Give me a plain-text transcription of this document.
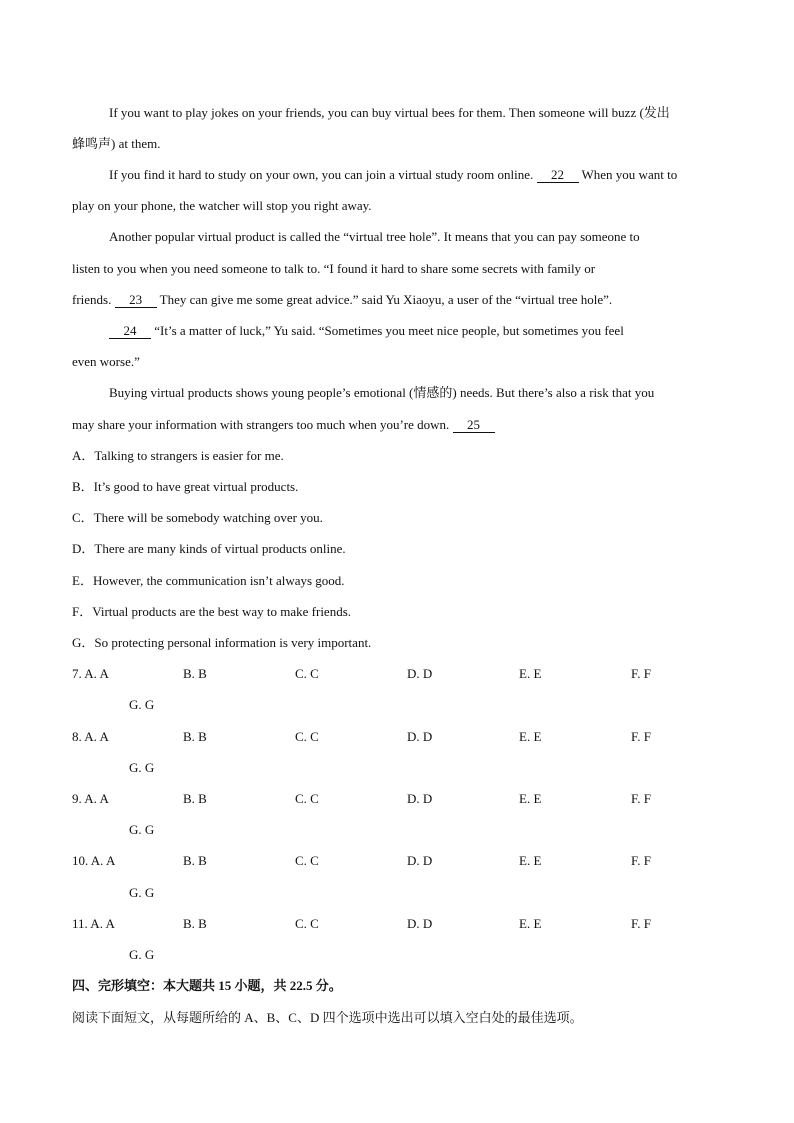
If you want to play jokes on your friends, you can buy virtual bees for them. Then someone will buzz (发出
蜂鸣声) at them.
If you find it hard to study on your own, you can join a virtual study room online. 22 When you want to
play on your phone, the watcher will stop you right away.
Another popular virtual product is called the “virtual tree hole”. It means that you can pay someone to
listen to you when you need someone to talk to. “I found it hard to share some secrets with family or
friends. 23 They can give me some great advice.” said Yu Xiaoyu, a user of the “virtual tree hole”.
24 “It’s a matter of luck,” Yu said. “Sometimes you meet nice people, but sometimes you feel
even worse.”
Buying virtual products shows young people’s emotional (情感的) needs. But there’s also a risk that you
may share your information with strangers too much when you’re down. 25
A．Talking to strangers is easier for me.
B．It’s good to have great virtual products.
C．There will be somebody watching over you.
D．There are many kinds of virtual products online.
E．However, the communication isn’t always good.
F．Virtual products are the best way to make friends.
G．So protecting personal information is very important.
7. A. A	B. B	C. C	D. D	E. E	F. F
G. G
8. A. A	B. B	C. C	D. D	E. E	F. F
G. G
9. A. A	B. B	C. C	D. D	E. E	F. F
G. G
10. A. A	B. B	C. C	D. D	E. E	F. F
G. G
11. A. A	B. B	C. C	D. D	E. E	F. F
G. G
四、完形填空：本大题共 15 小题，共 22.5 分。
阅读下面短文，从每题所给的 A、B、C、D 四个选项中选出可以填入空白处的最佳选项。
